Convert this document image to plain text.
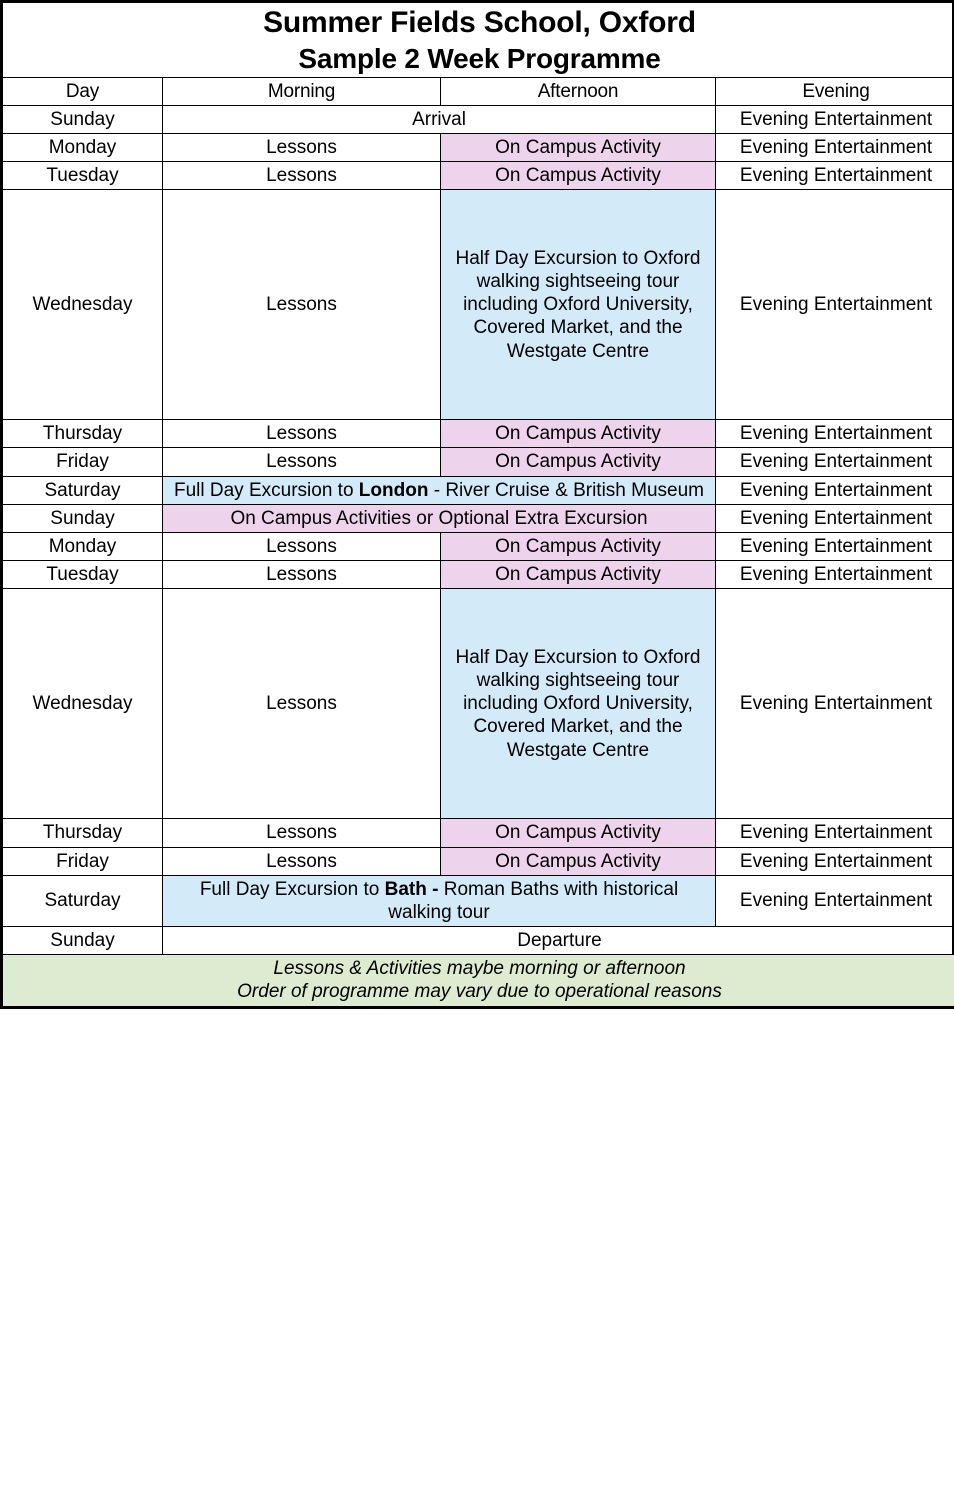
Summer Fields School, Oxford
Sample 2 Week Programme			

Day	Morning	Afternoon	Evening
Sunday	Arrival		Evening Entertainment
Monday	Lessons	On Campus Activity	Evening Entertainment
Tuesday	Lessons	On Campus Activity	Evening Entertainment
Wednesday	Lessons	Half Day Excursion to Oxford walking sightseeing tour including Oxford University, Covered Market, and the Westgate Centre	Evening Entertainment
Thursday	Lessons	On Campus Activity	Evening Entertainment
Friday	Lessons	On Campus Activity	Evening Entertainment
Saturday	Full Day Excursion to London - River Cruise & British Museum		Evening Entertainment
Sunday	On Campus Activities or Optional Extra Excursion		Evening Entertainment
Monday	Lessons	On Campus Activity	Evening Entertainment
Tuesday	Lessons	On Campus Activity	Evening Entertainment
Wednesday	Lessons	Half Day Excursion to Oxford walking sightseeing tour including Oxford University, Covered Market, and the Westgate Centre	Evening Entertainment
Thursday	Lessons	On Campus Activity	Evening Entertainment
Friday	Lessons	On Campus Activity	Evening Entertainment
Saturday	Full Day Excursion to Bath - Roman Baths with historical walking tour		Evening Entertainment
Sunday	Departure		

Lessons & Activities maybe morning or afternoon
Order of programme may vary due to operational reasons			
